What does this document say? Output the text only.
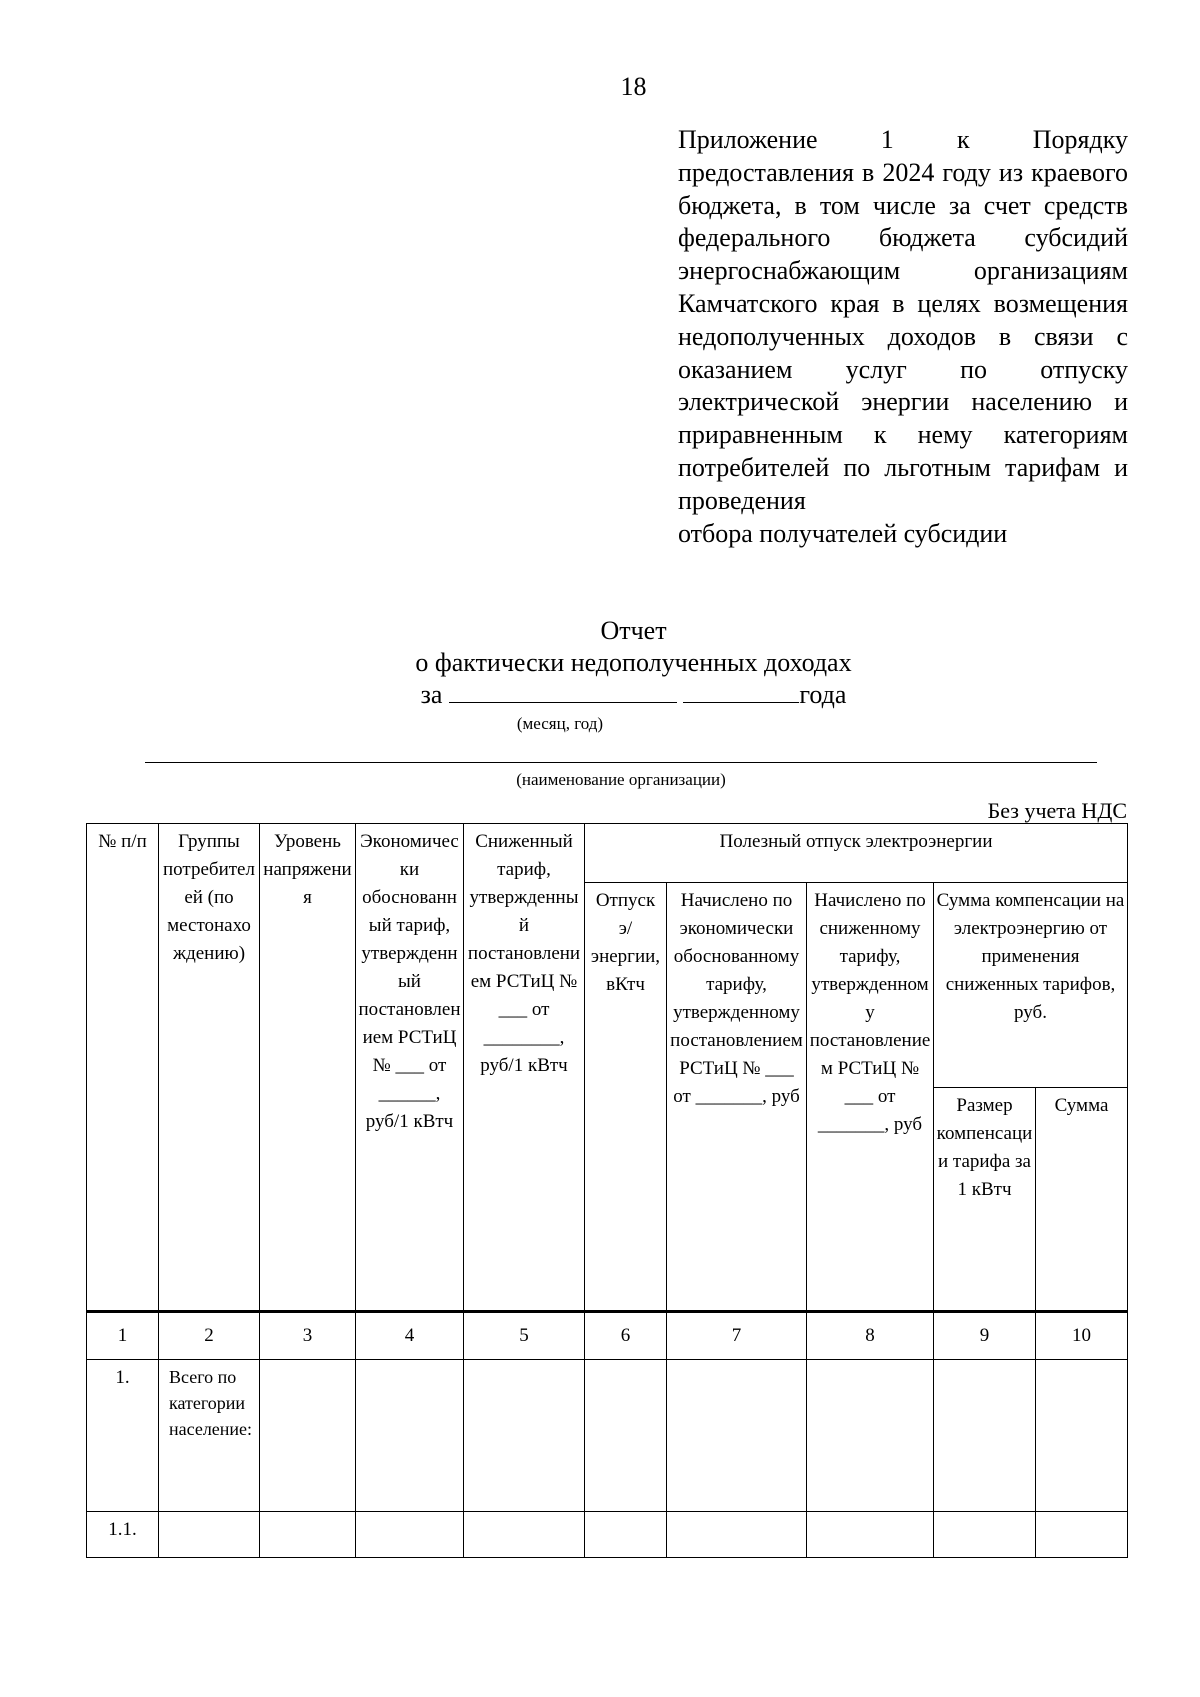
18
Приложение 1 к Порядку предоставления в 2024 году из краевого бюджета, в том числе за счет средств федерального бюджета субсидий энергоснабжающим организациям Камчатского края в целях возмещения недополученных доходов в связи с оказанием услуг по отпуску электрической энергии населению и приравненным к нему категориям потребителей по льготным тарифам и проведения
отбора получателей субсидии
Отчет
о фактически недополученных доходах
за	года
(месяц, год)
(наименование организации)
Без учета НДС
№ п/п	Группы потребителей (по местонахождению)	Уровень напряжения	Экономически обоснованный тариф, утвержденный постановлением РСТиЦ № ___ от ______, руб/1 кВтч	Сниженный тариф, утвержденный постановлением РСТиЦ № ___ от ________, руб/1 кВтч	Полезный отпуск электроэнергии				
					Отпуск э/энергии, вКтч	Начислено по экономически обоснованному тарифу, утвержденному постановлением РСТиЦ № ___ от _______, руб	Начислено по сниженному тарифу, утвержденному постановлением РСТиЦ № ___ от _______, руб	Сумма компенсации на электроэнергию от применения сниженных тарифов, руб.	
								Размер компенсации тарифа за 1 кВтч	Сумма
1	2	3	4	5	6	7	8	9	10
1.	Всего по категории население:								
1.1.									
